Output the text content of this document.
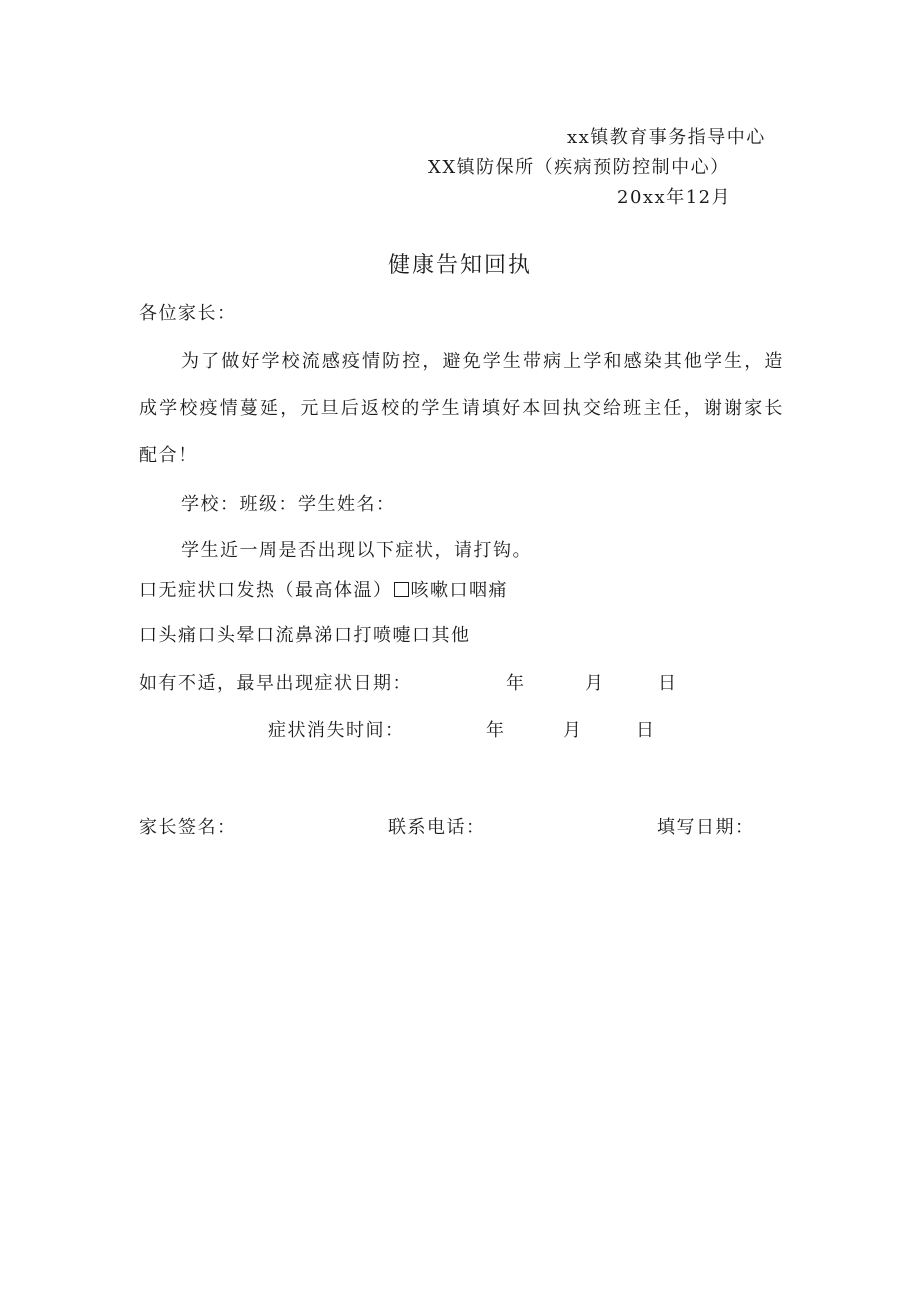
xx镇教育事务指导中心
XX镇防保所（疾病预防控制中心）
20xx年12月
健康告知回执
各位家长：
为了做好学校流感疫情防控，避免学生带病上学和感染其他学生，造成学校疫情蔓延，元旦后返校的学生请填好本回执交给班主任，谢谢家长配合！
学校：班级：学生姓名：
学生近一周是否出现以下症状，请打钩。
口无症状口发热（最高体温） 咳嗽口咽痛
口头痛口头晕口流鼻涕口打喷嚏口其他
如有不适，最早出现症状日期：	年	月	日
症状消失时间：	年	月	日
家长签名：	联系电话：	填写日期：
